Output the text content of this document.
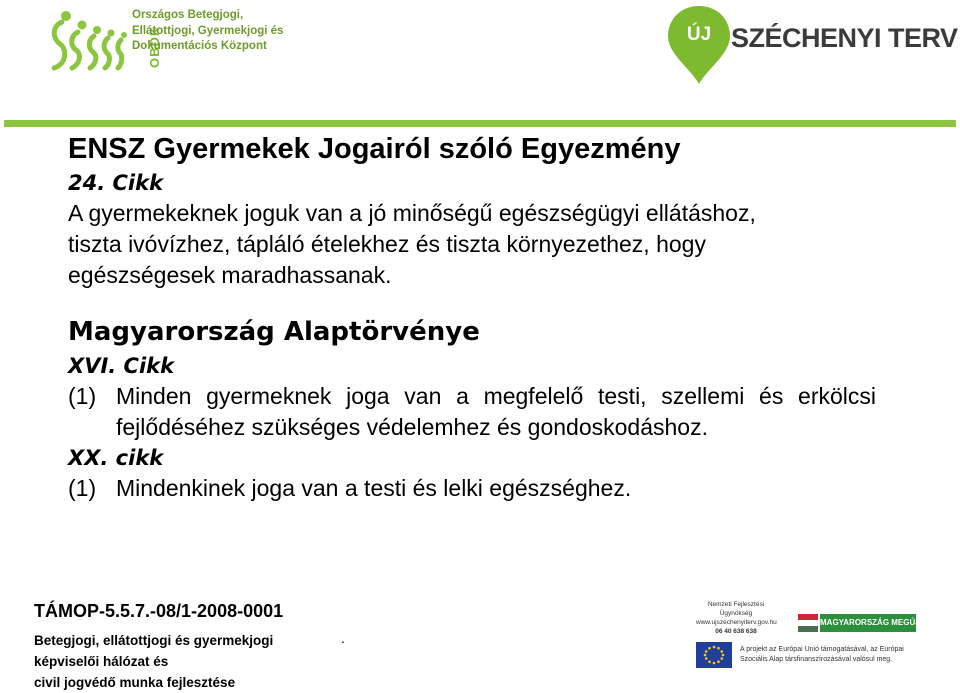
OBDK
Országos Betegjogi,
Ellátottjogi, Gyermekjogi és
Dokumentációs Központ
ÚJ SZÉCHENYI TERV
ENSZ Gyermekek Jogairól szóló Egyezmény
24. Cikk
A gyermekeknek joguk van a jó minőségű egészségügyi ellátáshoz,
tiszta ivóvízhez, tápláló ételekhez és tiszta környezethez, hogy
egészségesek maradhassanak.
Magyarország Alaptörvénye
XVI. Cikk
(1) Minden gyermeknek joga van a megfelelő testi, szellemi és erkölcsi fejlődéséhez szükséges védelemhez és gondoskodáshoz.
XX. cikk
(1) Mindenkinek joga van a testi és lelki egészséghez.
TÁMOP-5.5.7.-08/1-2008-0001
Betegjogi, ellátottjogi és gyermekjogi
képviselői hálózat és
civil jogvédő munka fejlesztése
.
Nemzeti Fejlesztési Ügynökség
www.ujszechenyiterv.gov.hu
06 40 638 638
MAGYARORSZÁG MEGÚJUL
A projekt az Európai Unió támogatásával, az Európai
Szociális Alap társfinanszírozásával valósul meg.
